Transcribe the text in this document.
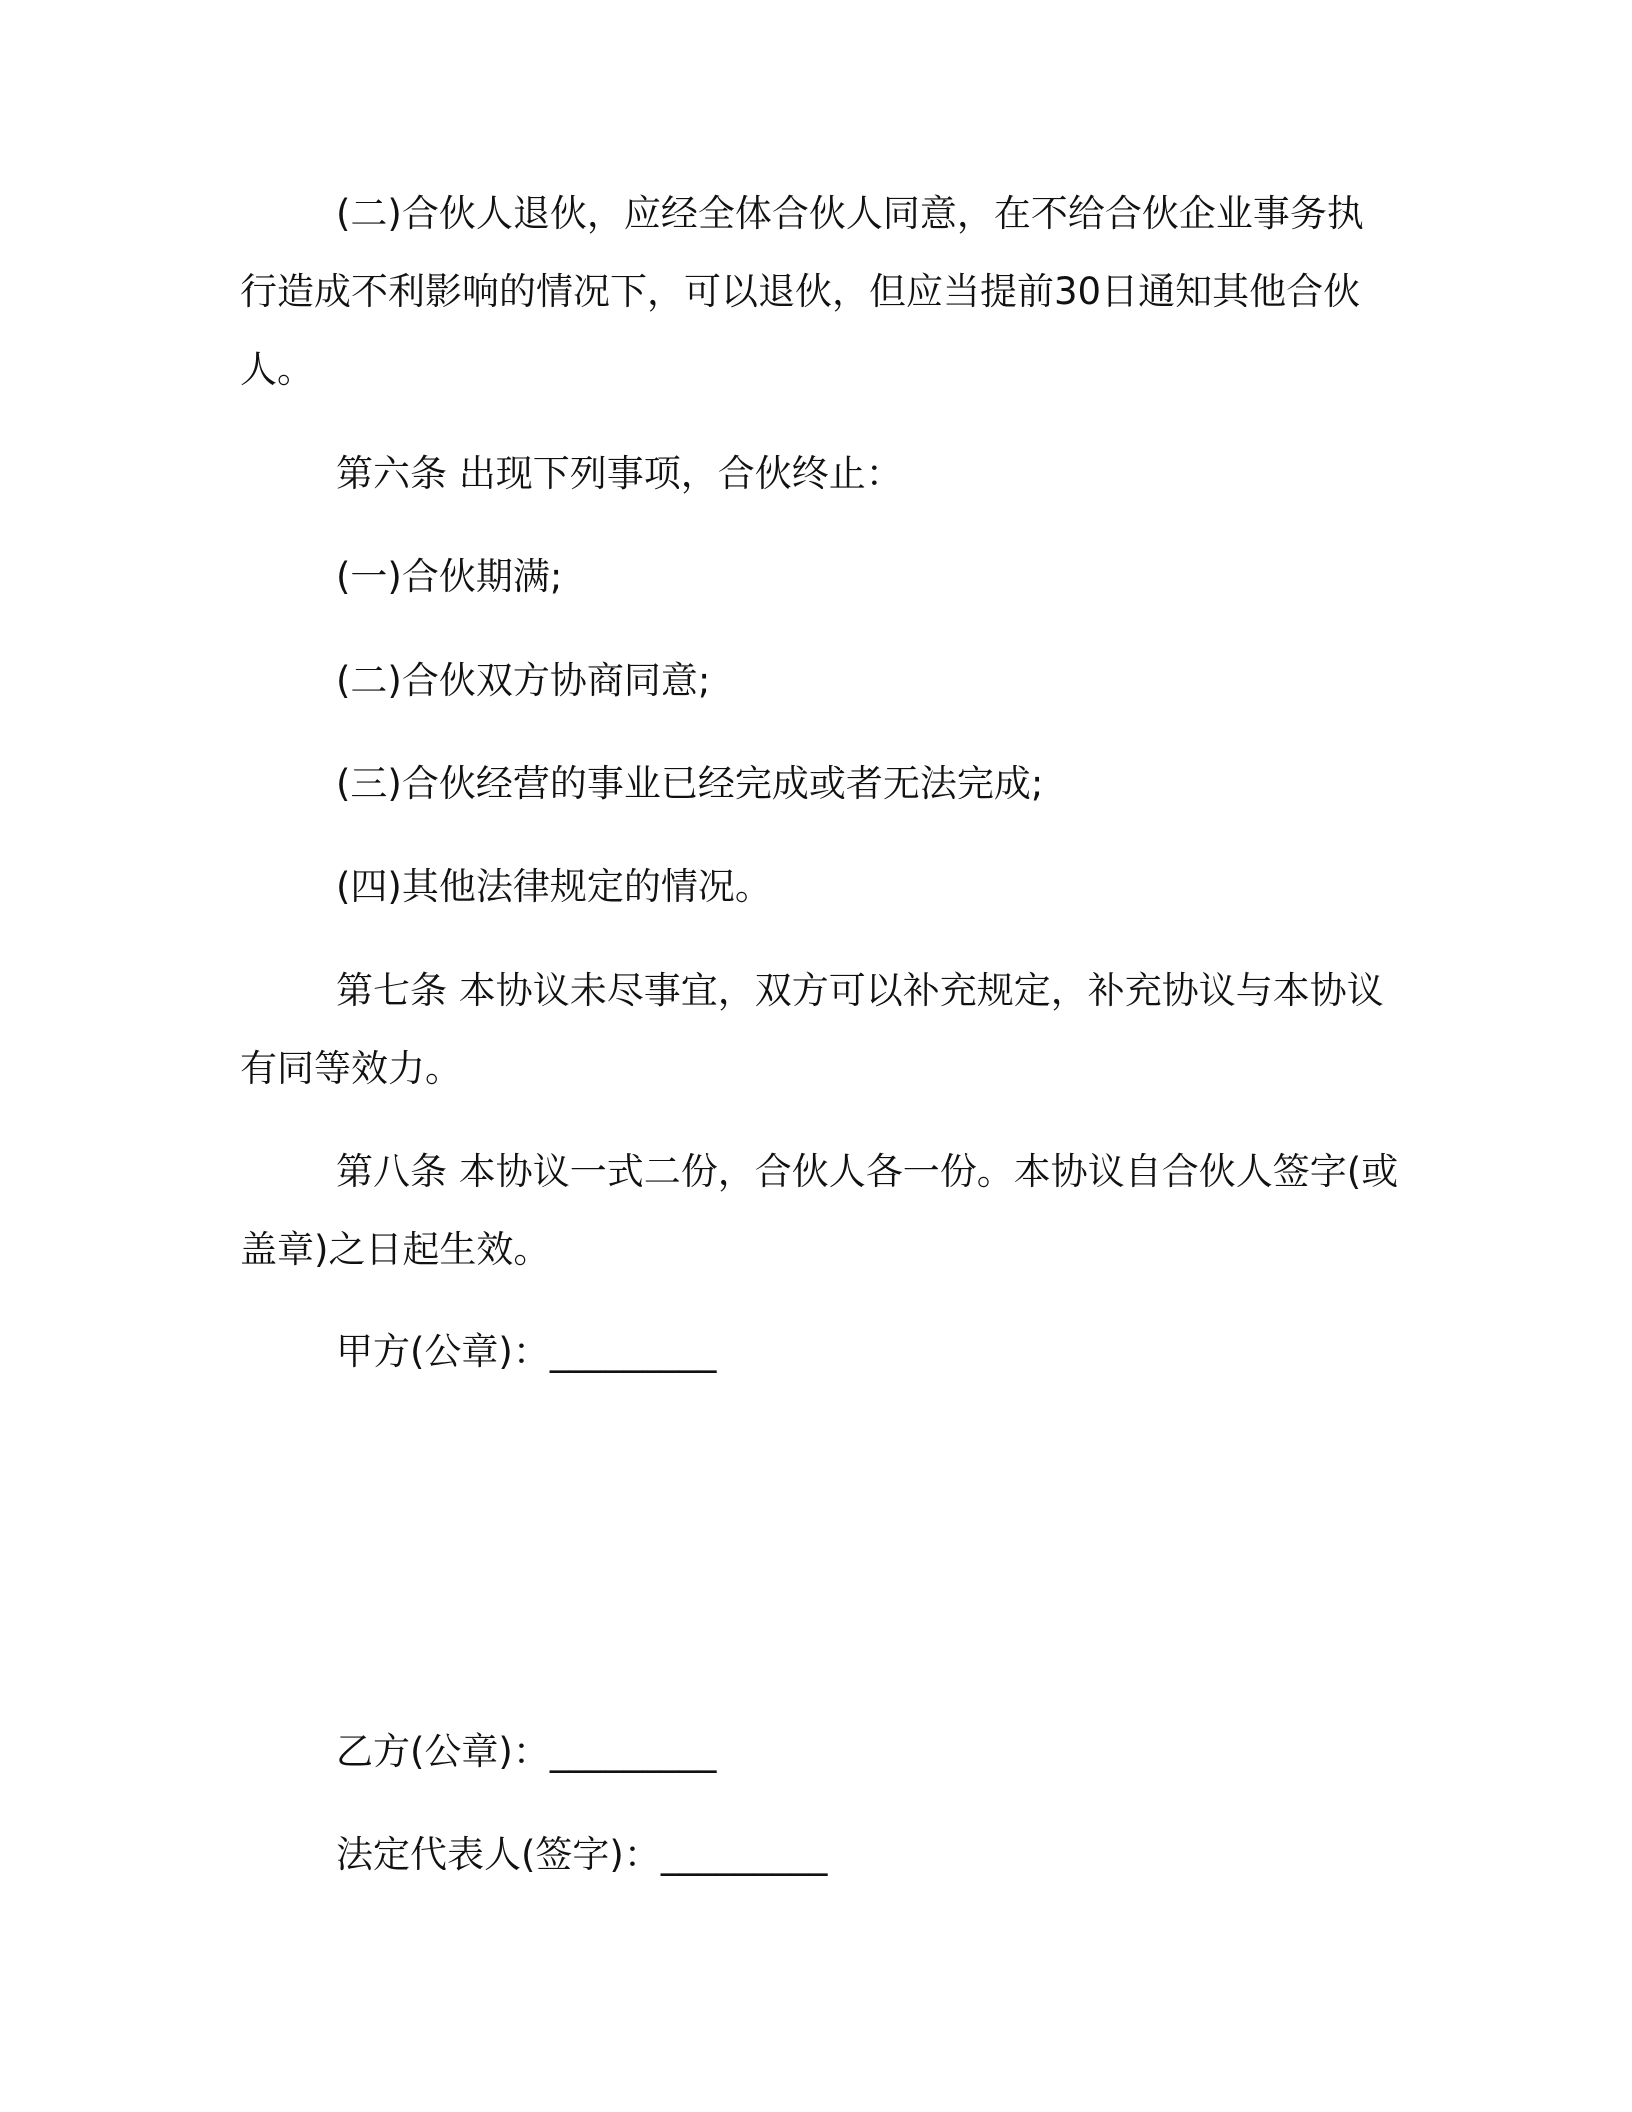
(二)合伙人退伙，应经全体合伙人同意，在不给合伙企业事务执行造成不利影响的情况下，可以退伙，但应当提前30日通知其他合伙人。

第六条 出现下列事项，合伙终止：

(一)合伙期满;

(二)合伙双方协商同意;

(三)合伙经营的事业已经完成或者无法完成;

(四)其他法律规定的情况。

第七条 本协议未尽事宜，双方可以补充规定，补充协议与本协议有同等效力。

第八条 本协议一式二份，合伙人各一份。本协议自合伙人签字(或盖章)之日起生效。

甲方(公章)：_________

乙方(公章)：_________

法定代表人(签字)：_________
